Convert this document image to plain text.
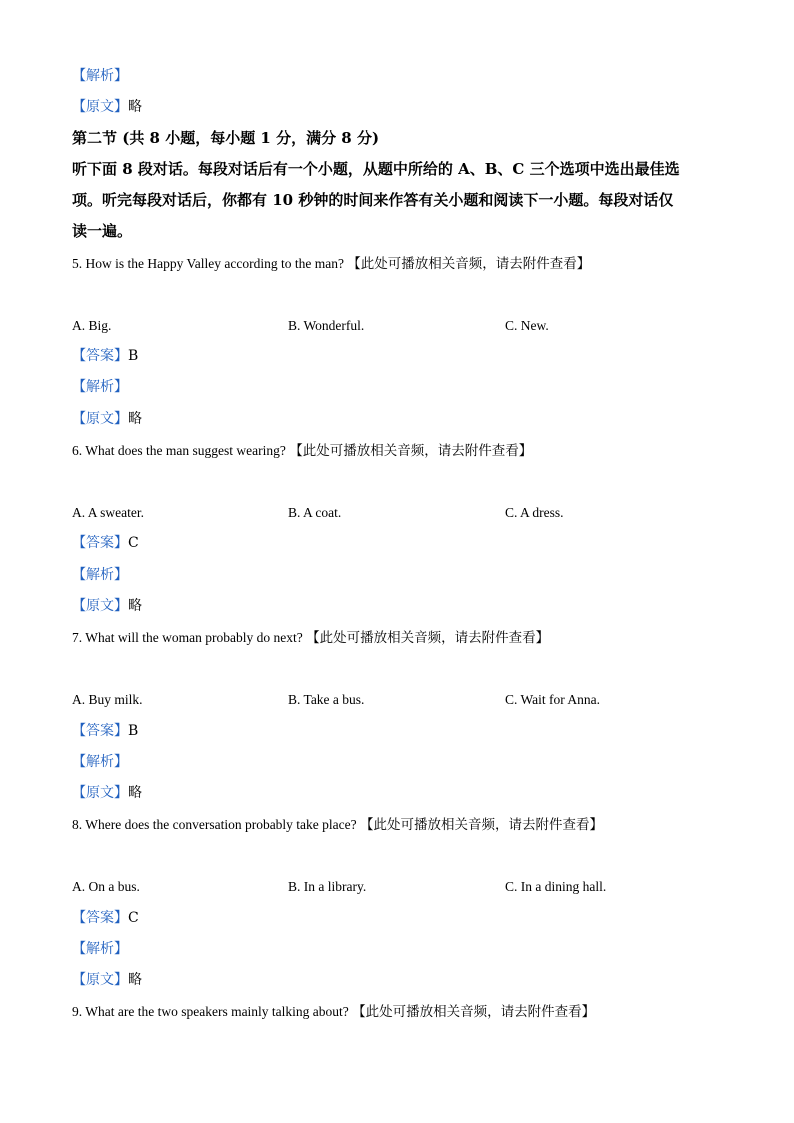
【解析】
【原文】略
第二节 (共 8 小题，每小题 1 分，满分 8 分)
听下面 8 段对话。每段对话后有一个小题，从题中所给的 A、B、C 三个选项中选出最佳选
项。听完每段对话后，你都有 10 秒钟的时间来作答有关小题和阅读下一小题。每段对话仅
读一遍。
5. How is the Happy Valley according to the man? 【此处可播放相关音频，请去附件查看】
A. Big.	B. Wonderful.	C. New.
【答案】B
【解析】
【原文】略
6. What does the man suggest wearing? 【此处可播放相关音频，请去附件查看】
A. A sweater.	B. A coat.	C. A dress.
【答案】C
【解析】
【原文】略
7. What will the woman probably do next? 【此处可播放相关音频，请去附件查看】
A. Buy milk.	B. Take a bus.	C. Wait for Anna.
【答案】B
【解析】
【原文】略
8. Where does the conversation probably take place? 【此处可播放相关音频，请去附件查看】
A. On a bus.	B. In a library.	C. In a dining hall.
【答案】C
【解析】
【原文】略
9. What are the two speakers mainly talking about? 【此处可播放相关音频，请去附件查看】
